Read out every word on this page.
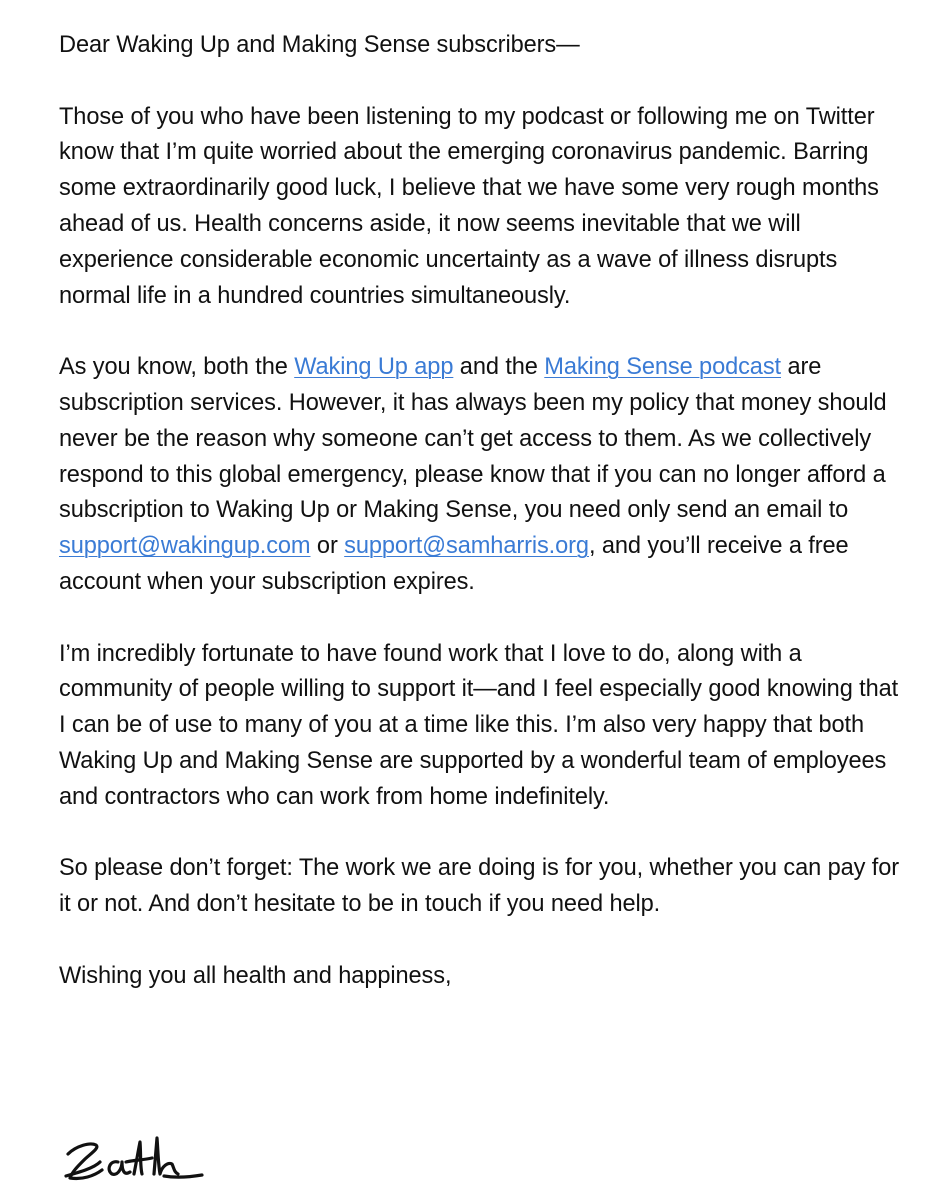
Dear Waking Up and Making Sense subscribers—

Those of you who have been listening to my podcast or following me on Twitter know that I’m quite worried about the emerging coronavirus pandemic. Barring some extraordinarily good luck, I believe that we have some very rough months ahead of us. Health concerns aside, it now seems inevitable that we will experience considerable economic uncertainty as a wave of illness disrupts normal life in a hundred countries simultaneously.

As you know, both the Waking Up app and the Making Sense podcast are subscription services. However, it has always been my policy that money should never be the reason why someone can’t get access to them. As we collectively respond to this global emergency, please know that if you can no longer afford a subscription to Waking Up or Making Sense, you need only send an email to support@wakingup.com or support@samharris.org, and you’ll receive a free account when your subscription expires.

I’m incredibly fortunate to have found work that I love to do, along with a community of people willing to support it—and I feel especially good knowing that I can be of use to many of you at a time like this. I’m also very happy that both Waking Up and Making Sense are supported by a wonderful team of employees and contractors who can work from home indefinitely.

So please don’t forget: The work we are doing is for you, whether you can pay for it or not. And don’t hesitate to be in touch if you need help.

Wishing you all health and happiness,
